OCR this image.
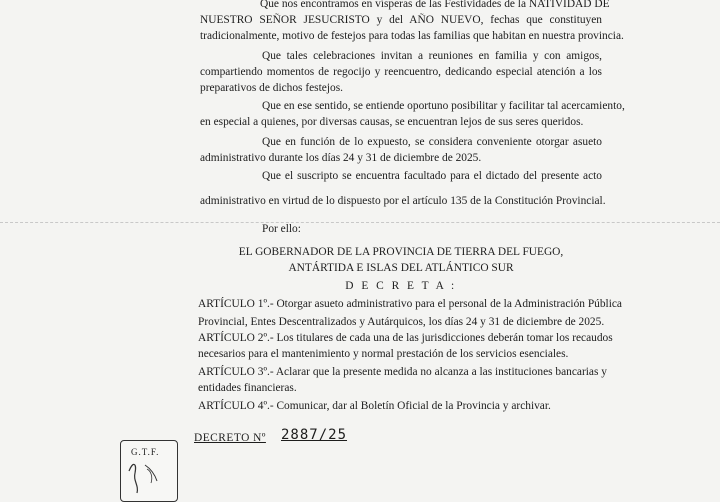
Que nos encontramos en vísperas de las Festividades de la NATIVIDAD DE
NUESTRO SEÑOR JESUCRISTO y del AÑO NUEVO, fechas que constituyen
tradicionalmente, motivo de festejos para todas las familias que habitan en nuestra provincia.
Que tales celebraciones invitan a reuniones en familia y con amigos,
compartiendo momentos de regocijo y reencuentro, dedicando especial atención a los
preparativos de dichos festejos.
Que en ese sentido, se entiende oportuno posibilitar y facilitar tal acercamiento,
en especial a quienes, por diversas causas, se encuentran lejos de sus seres queridos.
Que en función de lo expuesto, se considera conveniente otorgar asueto
administrativo durante los días 24 y 31 de diciembre de 2025.
Que el suscripto se encuentra facultado para el dictado del presente acto
administrativo en virtud de lo dispuesto por el artículo 135 de la Constitución Provincial.
Por ello:
EL GOBERNADOR DE LA PROVINCIA DE TIERRA DEL FUEGO,
ANTÁRTIDA E ISLAS DEL ATLÁNTICO SUR
D E C R E T A :
ARTÍCULO 1º.- Otorgar asueto administrativo para el personal de la Administración Pública
Provincial, Entes Descentralizados y Autárquicos, los días 24 y 31 de diciembre de 2025.
ARTÍCULO 2º.- Los titulares de cada una de las jurisdicciones deberán tomar los recaudos
necesarios para el mantenimiento y normal prestación de los servicios esenciales.
ARTÍCULO 3º.- Aclarar que la presente medida no alcanza a las instituciones bancarias y
entidades financieras.
ARTÍCULO 4º.- Comunicar, dar al Boletín Oficial de la Provincia y archivar.
DECRETO Nº 2887/25
G.T.F.
